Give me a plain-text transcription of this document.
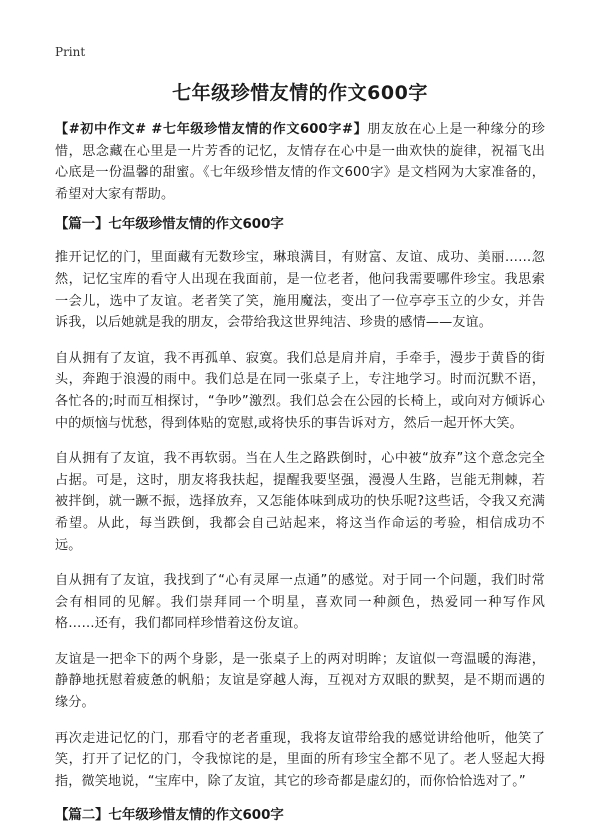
Print
七年级珍惜友情的作文600字

【#初中作文# #七年级珍惜友情的作文600字#】朋友放在心上是一种缘分的珍惜，思念藏在心里是一片芳香的记忆，友情存在心中是一曲欢快的旋律，祝福飞出心底是一份温馨的甜蜜。《七年级珍惜友情的作文600字》是文档网为大家准备的，希望对大家有帮助。

【篇一】七年级珍惜友情的作文600字

推开记忆的门，里面藏有无数珍宝，琳琅满目，有财富、友谊、成功、美丽……忽然，记忆宝库的看守人出现在我面前，是一位老者，他问我需要哪件珍宝。我思索一会儿，选中了友谊。老者笑了笑，施用魔法，变出了一位亭亭玉立的少女，并告诉我，以后她就是我的朋友，会带给我这世界纯洁、珍贵的感情——友谊。

自从拥有了友谊，我不再孤单、寂寞。我们总是肩并肩，手牵手，漫步于黄昏的街头，奔跑于浪漫的雨中。我们总是在同一张桌子上，专注地学习。时而沉默不语，各忙各的;时而互相探讨，“争吵”激烈。我们总会在公园的长椅上，或向对方倾诉心中的烦恼与忧愁，得到体贴的宽慰,或将快乐的事告诉对方，然后一起开怀大笑。

自从拥有了友谊，我不再软弱。当在人生之路跌倒时，心中被“放弃”这个意念完全占据。可是，这时，朋友将我扶起，提醒我要坚强，漫漫人生路，岂能无荆棘，若被拌倒，就一蹶不振，选择放弃，又怎能体味到成功的快乐呢?这些话，令我又充满希望。从此，每当跌倒，我都会自己站起来，将这当作命运的考验，相信成功不远。

自从拥有了友谊，我找到了“心有灵犀一点通”的感觉。对于同一个问题，我们时常会有相同的见解。我们崇拜同一个明星，喜欢同一种颜色，热爱同一种写作风格……还有，我们都同样珍惜着这份友谊。

友谊是一把伞下的两个身影，是一张桌子上的两对明眸；友谊似一弯温暖的海港，静静地抚慰着疲惫的帆船；友谊是穿越人海，互视对方双眼的默契，是不期而遇的缘分。

再次走进记忆的门，那看守的老者重现，我将友谊带给我的感觉讲给他听，他笑了笑，打开了记忆的门，令我惊诧的是，里面的所有珍宝全都不见了。老人竖起大拇指，微笑地说，“宝库中，除了友谊，其它的珍奇都是虚幻的，而你恰恰选对了。”

【篇二】七年级珍惜友情的作文600字
